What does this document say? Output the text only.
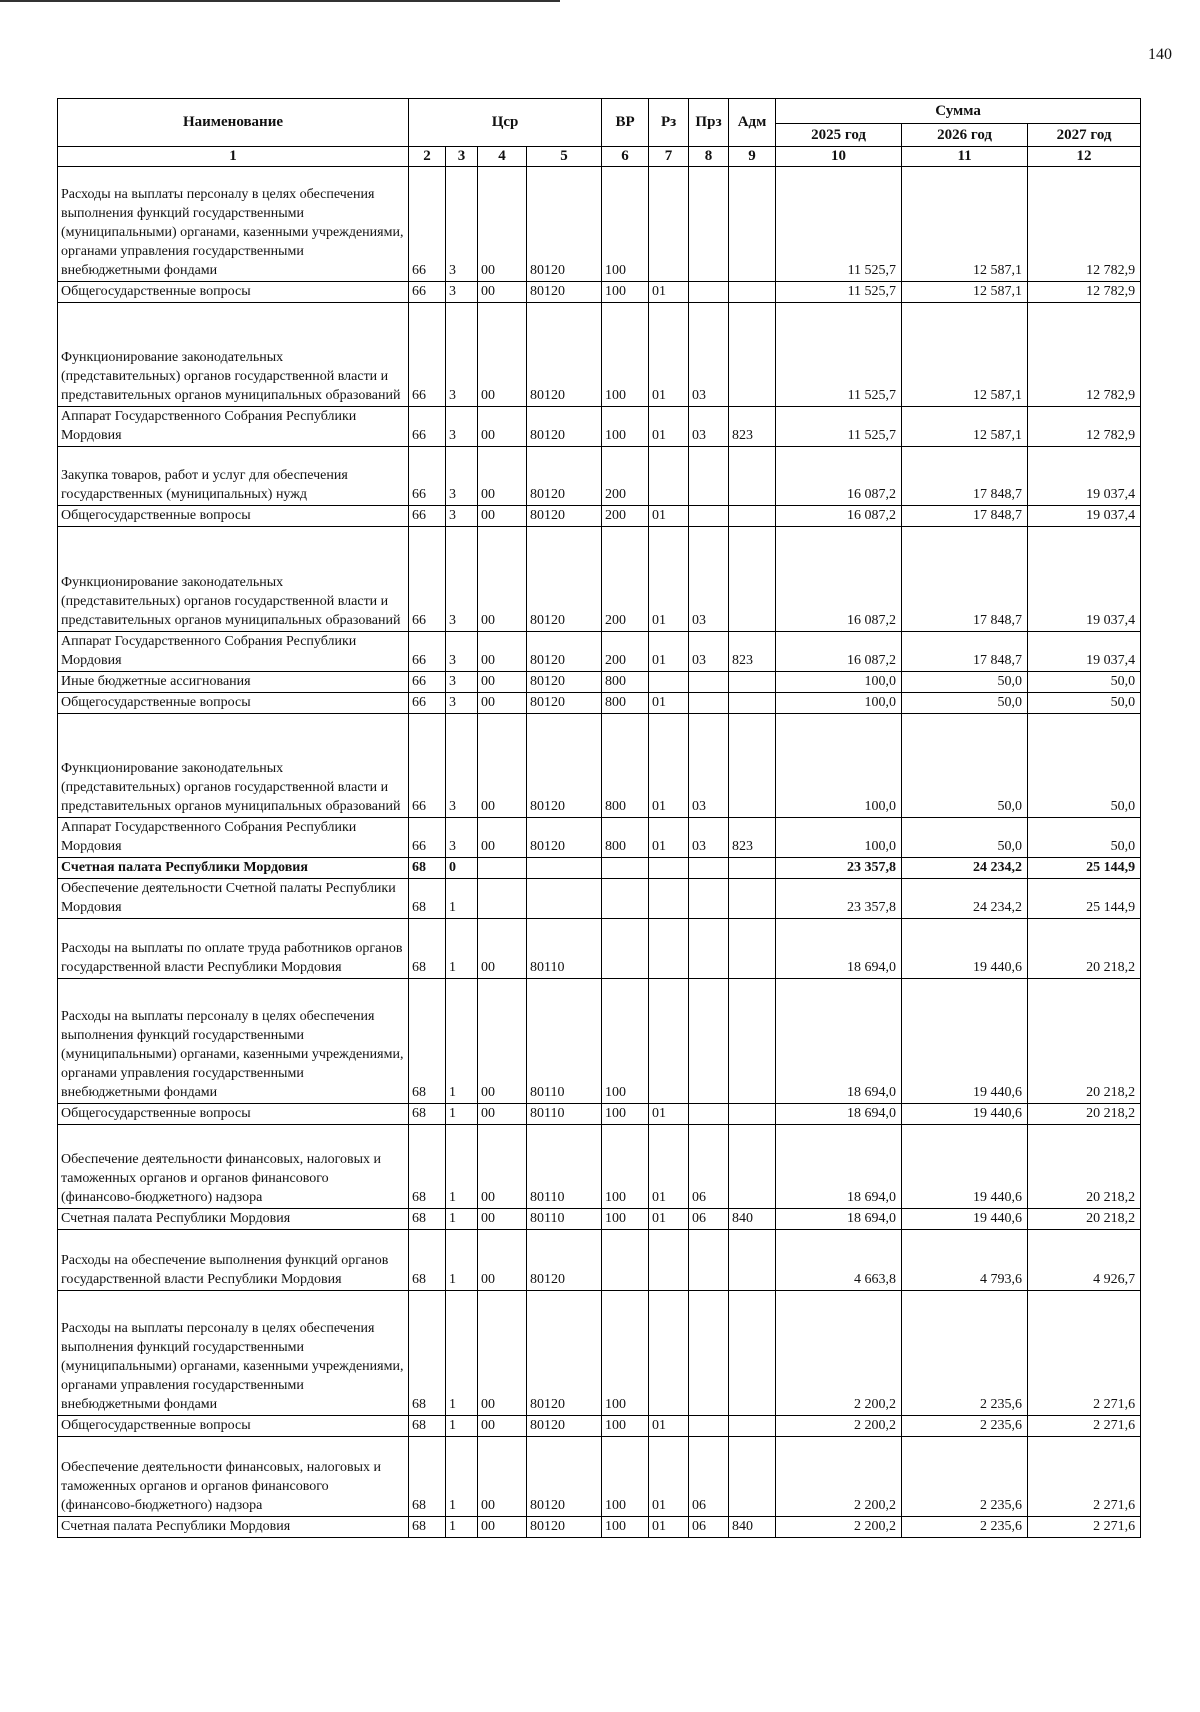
140
Наименование	Цср				ВР	Рз	Прз	Адм	Сумма		
									2025 год	2026 год	2027 год
1	2	3	4	5	6	7	8	9	10	11	12
Расходы на выплаты персоналу в целях обеспечения выполнения функций государственными (муниципальными) органами, казенными учреждениями, органами управления государственными внебюджетными фондами	66	3	00	80120	100				11 525,7	12 587,1	12 782,9
Общегосударственные вопросы	66	3	00	80120	100	01			11 525,7	12 587,1	12 782,9
Функционирование законодательных (представительных) органов государственной власти и представительных органов муниципальных образований	66	3	00	80120	100	01	03		11 525,7	12 587,1	12 782,9
Аппарат Государственного Собрания Республики Мордовия	66	3	00	80120	100	01	03	823	11 525,7	12 587,1	12 782,9
Закупка товаров, работ и услуг для обеспечения государственных (муниципальных) нужд	66	3	00	80120	200				16 087,2	17 848,7	19 037,4
Общегосударственные вопросы	66	3	00	80120	200	01			16 087,2	17 848,7	19 037,4
Функционирование законодательных (представительных) органов государственной власти и представительных органов муниципальных образований	66	3	00	80120	200	01	03		16 087,2	17 848,7	19 037,4
Аппарат Государственного Собрания Республики Мордовия	66	3	00	80120	200	01	03	823	16 087,2	17 848,7	19 037,4
Иные бюджетные ассигнования	66	3	00	80120	800				100,0	50,0	50,0
Общегосударственные вопросы	66	3	00	80120	800	01			100,0	50,0	50,0
Функционирование законодательных (представительных) органов государственной власти и представительных органов муниципальных образований	66	3	00	80120	800	01	03		100,0	50,0	50,0
Аппарат Государственного Собрания Республики Мордовия	66	3	00	80120	800	01	03	823	100,0	50,0	50,0
Счетная палата Республики Мордовия	68	0							23 357,8	24 234,2	25 144,9
Обеспечение деятельности Счетной палаты Республики Мордовия	68	1							23 357,8	24 234,2	25 144,9
Расходы на выплаты по оплате труда работников органов государственной власти Республики Мордовия	68	1	00	80110					18 694,0	19 440,6	20 218,2
Расходы на выплаты персоналу в целях обеспечения выполнения функций государственными (муниципальными) органами, казенными учреждениями, органами управления государственными внебюджетными фондами	68	1	00	80110	100				18 694,0	19 440,6	20 218,2
Общегосударственные вопросы	68	1	00	80110	100	01			18 694,0	19 440,6	20 218,2
Обеспечение деятельности финансовых, налоговых и таможенных органов и органов финансового (финансово-бюджетного) надзора	68	1	00	80110	100	01	06		18 694,0	19 440,6	20 218,2
Счетная палата Республики Мордовия	68	1	00	80110	100	01	06	840	18 694,0	19 440,6	20 218,2
Расходы на обеспечение выполнения функций органов государственной власти Республики Мордовия	68	1	00	80120					4 663,8	4 793,6	4 926,7
Расходы на выплаты персоналу в целях обеспечения выполнения функций государственными (муниципальными) органами, казенными учреждениями, органами управления государственными внебюджетными фондами	68	1	00	80120	100				2 200,2	2 235,6	2 271,6
Общегосударственные вопросы	68	1	00	80120	100	01			2 200,2	2 235,6	2 271,6
Обеспечение деятельности финансовых, налоговых и таможенных органов и органов финансового (финансово-бюджетного) надзора	68	1	00	80120	100	01	06		2 200,2	2 235,6	2 271,6
Счетная палата Республики Мордовия	68	1	00	80120	100	01	06	840	2 200,2	2 235,6	2 271,6
